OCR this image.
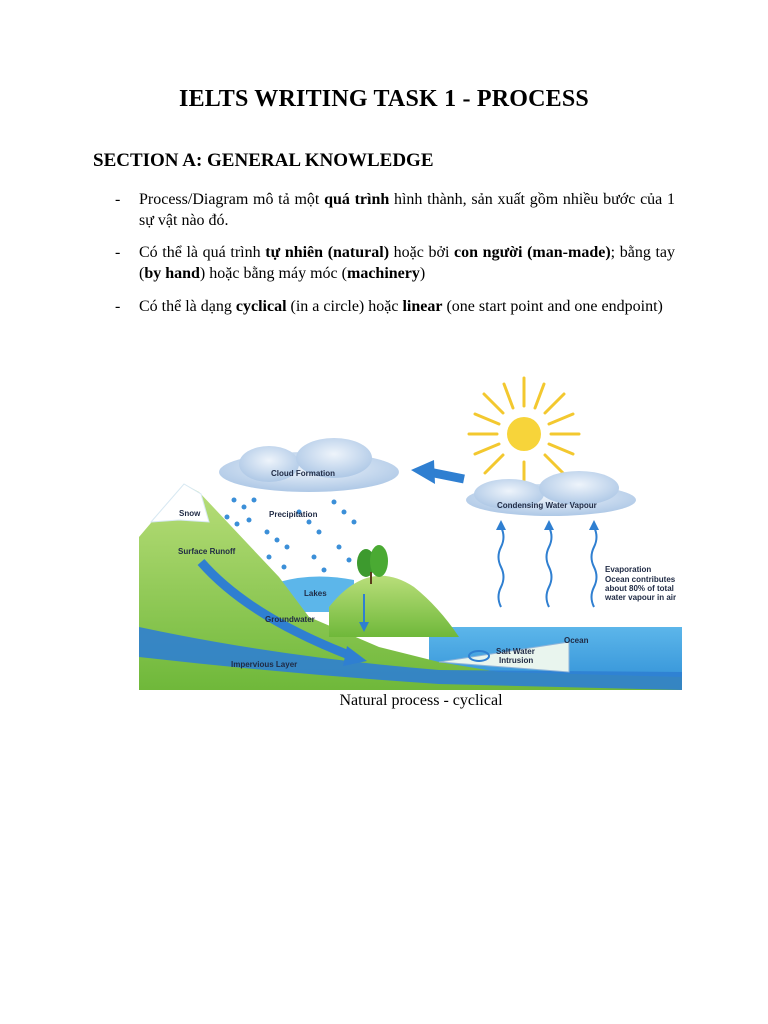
IELTS WRITING TASK 1 - PROCESS
SECTION A: GENERAL KNOWLEDGE
- Process/Diagram mô tả một quá trình hình thành, sản xuất gồm nhiều bước của 1 sự vật nào đó.
- Có thể là quá trình tự nhiên (natural) hoặc bởi con người (man-made); bằng tay (by hand) hoặc bằng máy móc (machinery)
- Có thể là dạng cyclical (in a circle) hoặc linear (one start point and one endpoint)
Cloud Formation
Condensing Water Vapour
Snow	Precipitation
Surface Runoff
Lakes
Groundwater
Impervious Layer
Salt Water
Intrusion
Ocean
Evaporation
Ocean contributes
about 80% of total
water vapour in air
Natural process - cyclical
